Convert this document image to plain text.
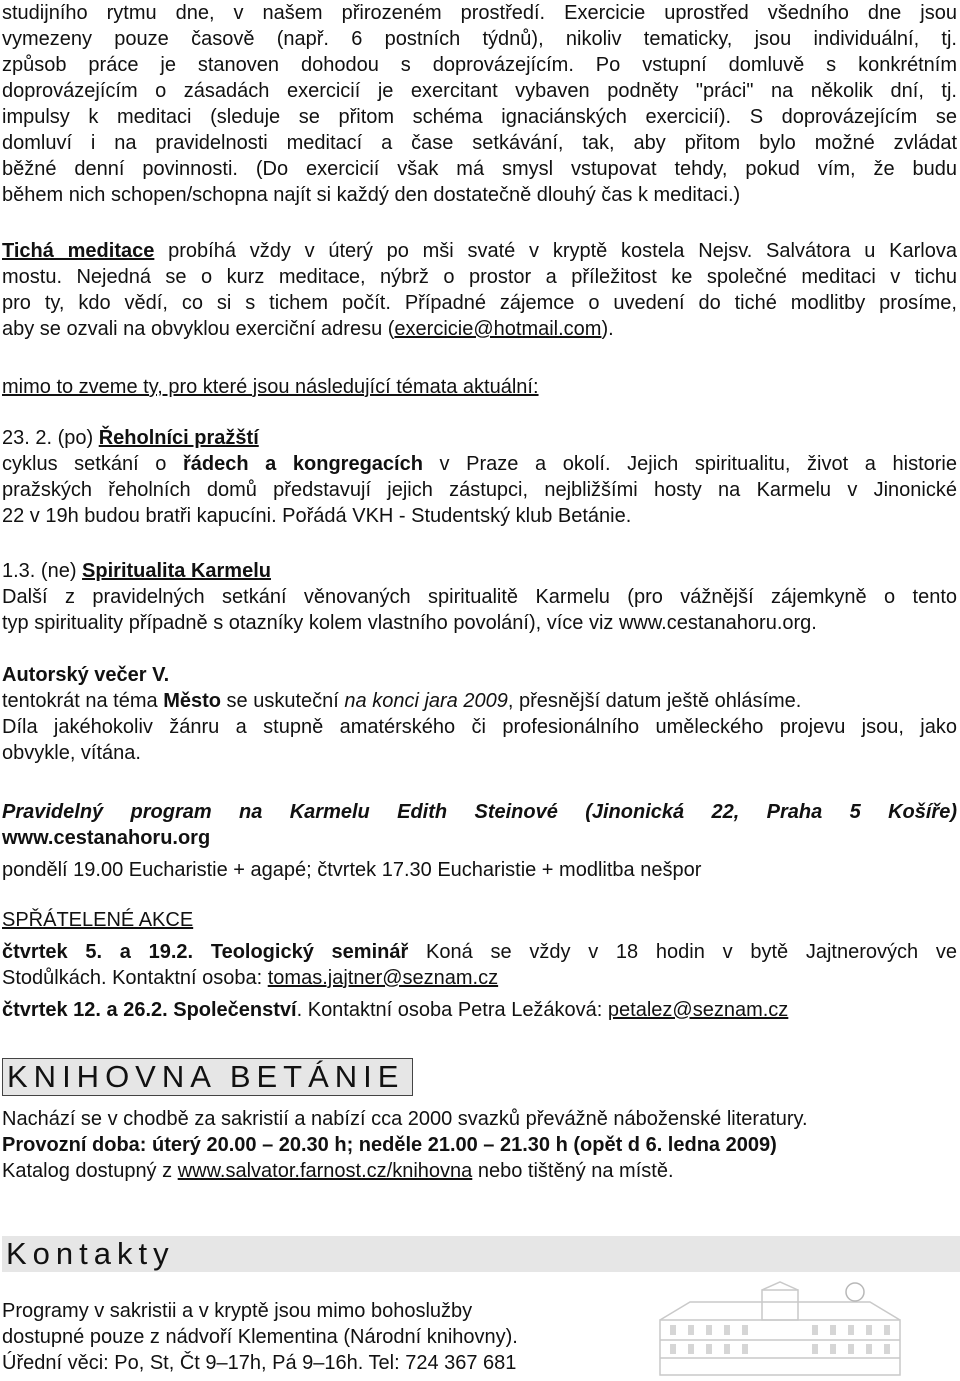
studijního rytmu dne, v našem přirozeném prostředí. Exercicie uprostřed všedního dne jsou
vymezeny pouze časově (např. 6 postních týdnů), nikoliv tematicky, jsou individuální, tj.
způsob práce je stanoven dohodou s doprovázejícím. Po vstupní domluvě s konkrétním
doprovázejícím o zásadách exercicií je exercitant vybaven podněty "práci" na několik dní, tj.
impulsy k meditaci (sleduje se přitom schéma ignaciánských exercicií). S doprovázejícím se
domluví i na pravidelnosti meditací a čase setkávání, tak, aby přitom bylo možné zvládat
běžné denní povinnosti. (Do exercicií však má smysl vstupovat tehdy, pokud vím, že budu
během nich schopen/schopna najít si každý den dostatečně dlouhý čas k meditaci.)
Tichá meditace probíhá vždy v úterý po mši svaté v kryptě kostela Nejsv. Salvátora u Karlova
mostu. Nejedná se o kurz meditace, nýbrž o prostor a příležitost ke společné meditaci v tichu
pro ty, kdo vědí, co si s tichem počít. Případné zájemce o uvedení do tiché modlitby prosíme,
aby se ozvali na obvyklou exerciční adresu (exercicie@hotmail.com).
mimo to zveme ty, pro které jsou následující témata aktuální:
23. 2. (po) Řeholníci pražští
cyklus setkání o řádech a kongregacích v Praze a okolí. Jejich spiritualitu, život a historie
pražských řeholních domů představují jejich zástupci, nejbližšími hosty na Karmelu v Jinonické
22 v 19h budou bratři kapucíni. Pořádá VKH - Studentský klub Betánie.
1.3. (ne) Spiritualita Karmelu
Další z pravidelných setkání věnovaných spiritualitě Karmelu (pro vážnější zájemkyně o tento
typ spirituality případně s otazníky kolem vlastního povolání), více viz www.cestanahoru.org.
Autorský večer V.
tentokrát na téma Město se uskuteční na konci jara 2009, přesnější datum ještě ohlásíme.
Díla jakéhokoliv žánru a stupně amatérského či profesionálního uměleckého projevu jsou, jako
obvykle, vítána.
Pravidelný program na Karmelu Edith Steinové (Jinonická 22, Praha 5 Košíře)
www.cestanahoru.org
pondělí 19.00 Eucharistie + agapé; čtvrtek 17.30 Eucharistie + modlitba nešpor
SPŘÁTELENÉ AKCE
čtvrtek 5. a 19.2. Teologický seminář Koná se vždy v 18 hodin v bytě Jajtnerových ve
Stodůlkách. Kontaktní osoba: tomas.jajtner@seznam.cz
čtvrtek 12. a 26.2. Společenství. Kontaktní osoba Petra Ležáková: petalez@seznam.cz
KNIHOVNA BETÁNIE
Nachází se v chodbě za sakristií a nabízí cca 2000 svazků převážně náboženské literatury.
Provozní doba: úterý 20.00 – 20.30 h; neděle 21.00 – 21.30 h (opět d 6. ledna 2009)
Katalog dostupný z www.salvator.farnost.cz/knihovna nebo tištěný na místě.
Kontakty
Programy v sakristii a v kryptě jsou mimo bohoslužby
dostupné pouze z nádvoří Klementina (Národní knihovny).
Úřední věci: Po, St, Čt 9–17h, Pá 9–16h. Tel: 724 367 681
